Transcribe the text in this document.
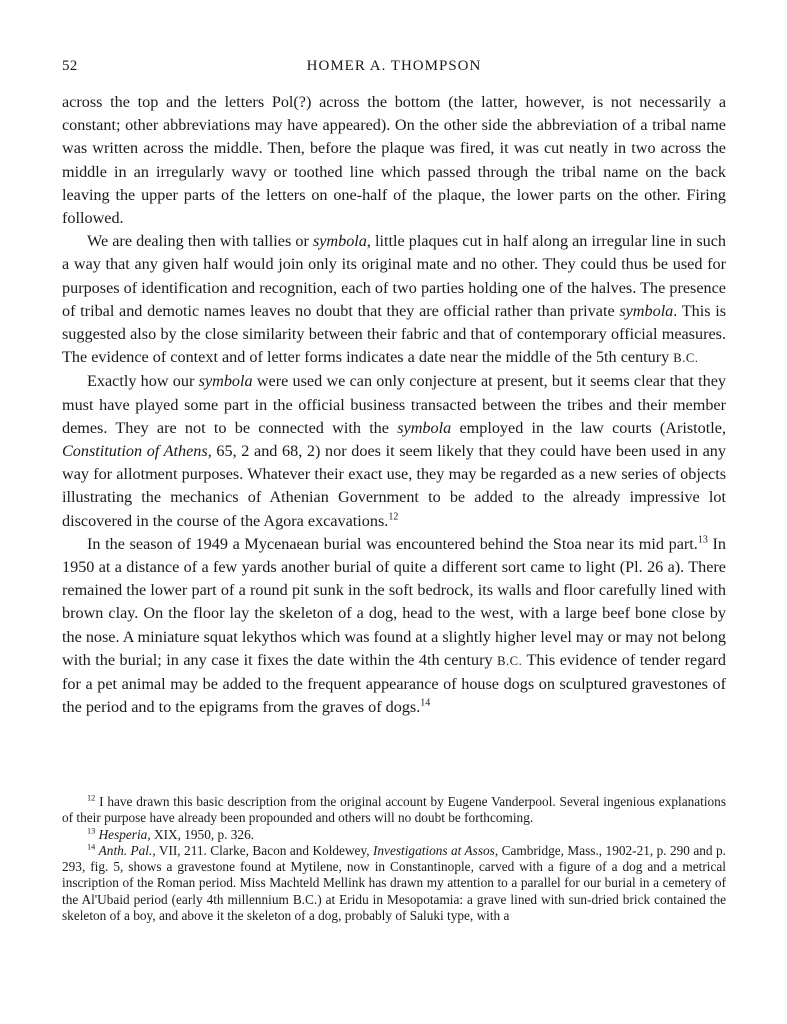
52	HOMER A. THOMPSON

across the top and the letters Pol(?) across the bottom (the latter, however, is not necessarily a constant; other abbreviations may have appeared). On the other side the abbreviation of a tribal name was written across the middle. Then, before the plaque was fired, it was cut neatly in two across the middle in an irregularly wavy or toothed line which passed through the tribal name on the back leaving the upper parts of the letters on one-half of the plaque, the lower parts on the other. Firing followed.

We are dealing then with tallies or symbola, little plaques cut in half along an irregular line in such a way that any given half would join only its original mate and no other. They could thus be used for purposes of identification and recognition, each of two parties holding one of the halves. The presence of tribal and demotic names leaves no doubt that they are official rather than private symbola. This is suggested also by the close similarity between their fabric and that of contemporary official measures. The evidence of context and of letter forms indicates a date near the middle of the 5th century B.C.

Exactly how our symbola were used we can only conjecture at present, but it seems clear that they must have played some part in the official business transacted between the tribes and their member demes. They are not to be connected with the symbola employed in the law courts (Aristotle, Constitution of Athens, 65, 2 and 68, 2) nor does it seem likely that they could have been used in any way for allotment purposes. Whatever their exact use, they may be regarded as a new series of objects illustrating the mechanics of Athenian Government to be added to the already impressive lot discovered in the course of the Agora excavations.$^{12}$

In the season of 1949 a Mycenaean burial was encountered behind the Stoa near its mid part.$^{13}$ In 1950 at a distance of a few yards another burial of quite a different sort came to light (Pl. 26 a). There remained the lower part of a round pit sunk in the soft bedrock, its walls and floor carefully lined with brown clay. On the floor lay the skeleton of a dog, head to the west, with a large beef bone close by the nose. A miniature squat lekythos which was found at a slightly higher level may or may not belong with the burial; in any case it fixes the date within the 4th century B.C. This evidence of tender regard for a pet animal may be added to the frequent appearance of house dogs on sculptured gravestones of the period and to the epigrams from the graves of dogs.$^{14}$

$^{12}$ I have drawn this basic description from the original account by Eugene Vanderpool. Several ingenious explanations of their purpose have already been propounded and others will no doubt be forthcoming.

$^{13}$ Hesperia, XIX, 1950, p. 326.

$^{14}$ Anth. Pal., VII, 211. Clarke, Bacon and Koldewey, Investigations at Assos, Cambridge, Mass., 1902-21, p. 290 and p. 293, fig. 5, shows a gravestone found at Mytilene, now in Constantinople, carved with a figure of a dog and a metrical inscription of the Roman period. Miss Machteld Mellink has drawn my attention to a parallel for our burial in a cemetery of the Al'Ubaid period (early 4th millennium B.C.) at Eridu in Mesopotamia: a grave lined with sun-dried brick contained the skeleton of a boy, and above it the skeleton of a dog, probably of Saluki type, with a
